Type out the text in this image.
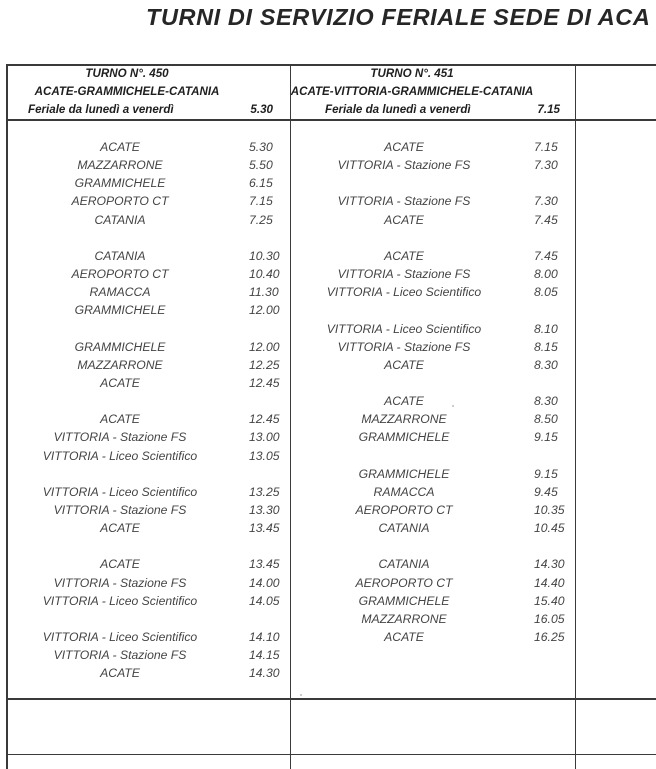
TURNI DI SERVIZIO FERIALE SEDE DI ACA
TURNO N°. 450
ACATE-GRAMMICHELE-CATANIA
Feriale da lunedì a venerdì	5.30
ACATE	5.30
MAZZARRONE	5.50
GRAMMICHELE	6.15
AEROPORTO CT	7.15
CATANIA	7.25
CATANIA	10.30
AEROPORTO CT	10.40
RAMACCA	11.30
GRAMMICHELE	12.00
GRAMMICHELE	12.00
MAZZARRONE	12.25
ACATE	12.45
ACATE	12.45
VITTORIA - Stazione FS	13.00
VITTORIA - Liceo Scientifico	13.05
VITTORIA - Liceo Scientifico	13.25
VITTORIA - Stazione FS	13.30
ACATE	13.45
ACATE	13.45
VITTORIA - Stazione FS	14.00
VITTORIA - Liceo Scientifico	14.05
VITTORIA - Liceo Scientifico	14.10
VITTORIA - Stazione FS	14.15
ACATE	14.30
TURNO N°. 451
ACATE-VITTORIA-GRAMMICHELE-CATANIA
Feriale da lunedì a venerdì	7.15
ACATE	7.15
VITTORIA - Stazione FS	7.30
VITTORIA - Stazione FS	7.30
ACATE	7.45
ACATE	7.45
VITTORIA - Stazione FS	8.00
VITTORIA - Liceo Scientifico	8.05
VITTORIA - Liceo Scientifico	8.10
VITTORIA - Stazione FS	8.15
ACATE	8.30
ACATE	8.30
MAZZARRONE	8.50
GRAMMICHELE	9.15
GRAMMICHELE	9.15
RAMACCA	9.45
AEROPORTO CT	10.35
CATANIA	10.45
CATANIA	14.30
AEROPORTO CT	14.40
GRAMMICHELE	15.40
MAZZARRONE	16.05
ACATE	16.25
